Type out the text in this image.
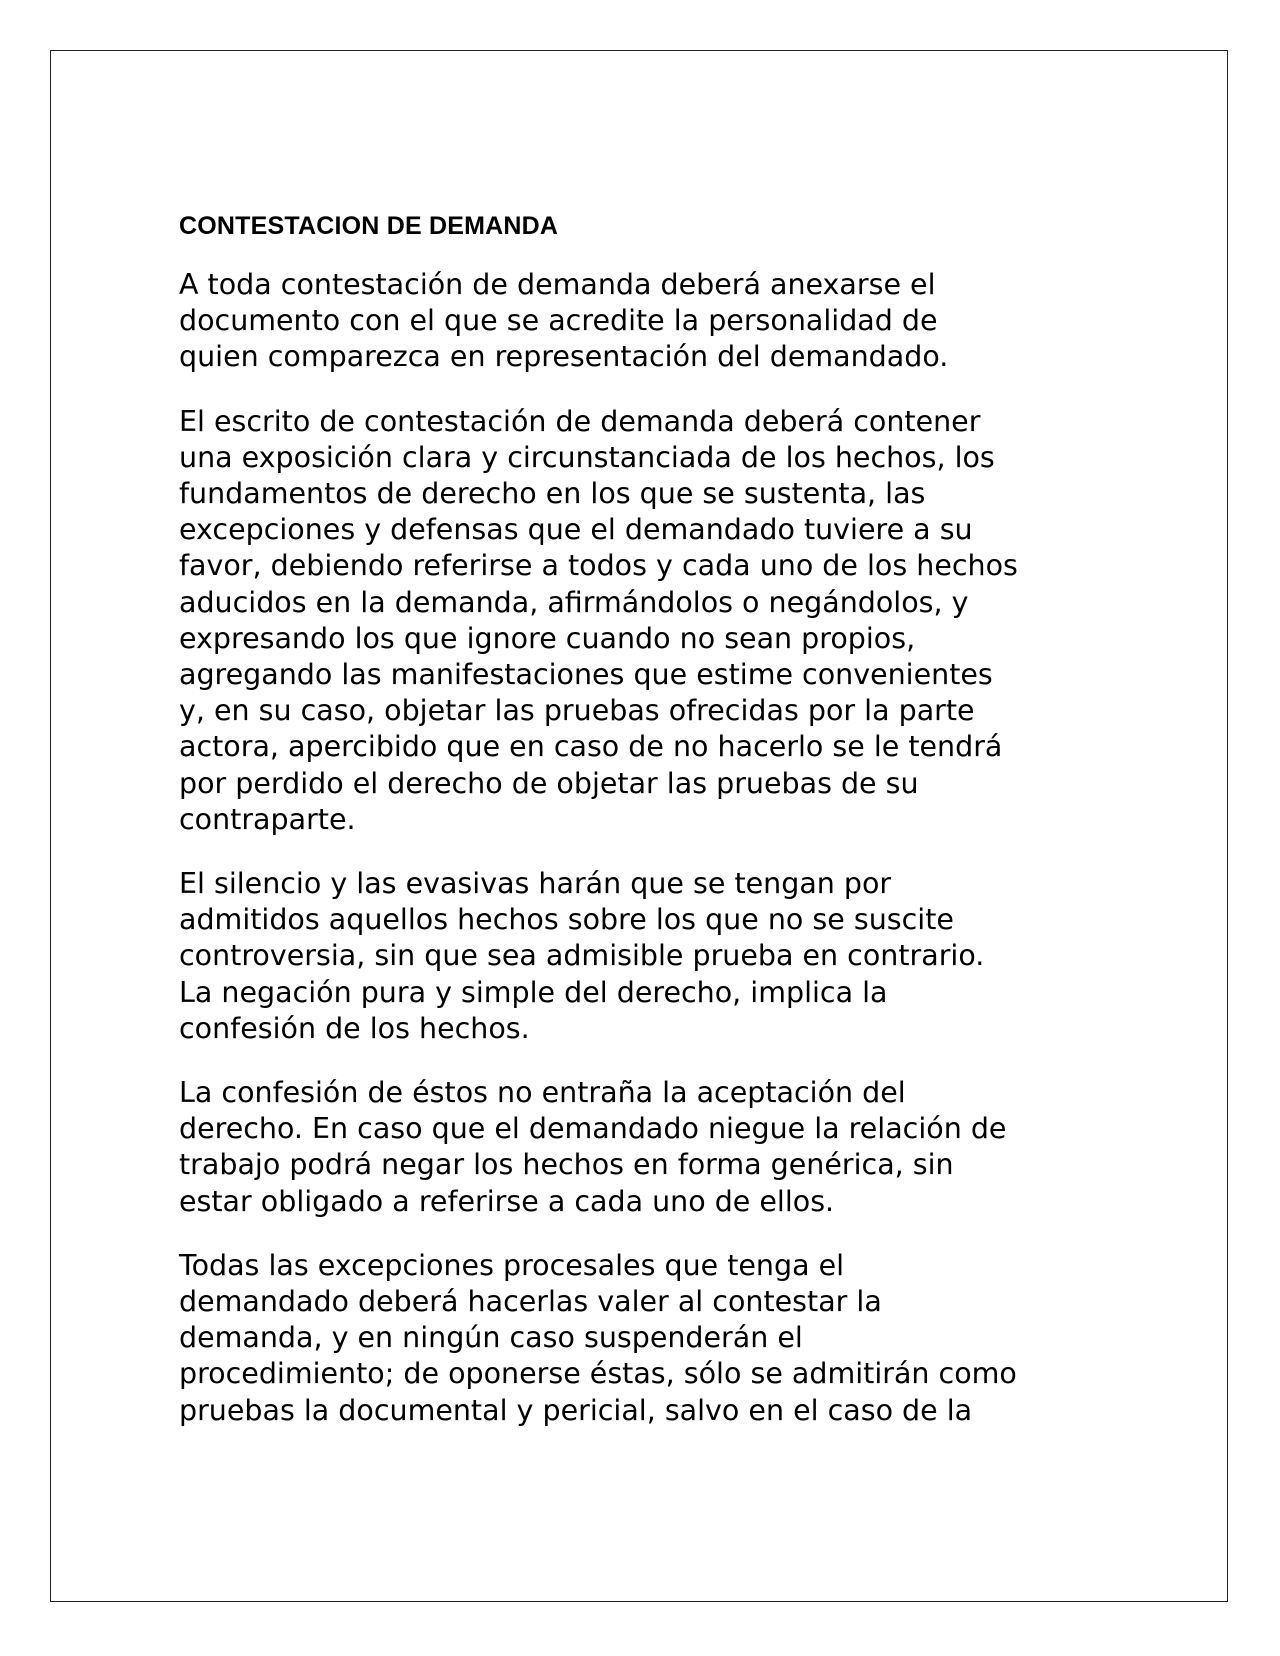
CONTESTACION DE DEMANDA

A toda contestación de demanda deberá anexarse el
documento con el que se acredite la personalidad de
quien comparezca en representación del demandado.

El escrito de contestación de demanda deberá contener
una exposición clara y circunstanciada de los hechos, los
fundamentos de derecho en los que se sustenta, las
excepciones y defensas que el demandado tuviere a su
favor, debiendo referirse a todos y cada uno de los hechos
aducidos en la demanda, afirmándolos o negándolos, y
expresando los que ignore cuando no sean propios,
agregando las manifestaciones que estime convenientes
y, en su caso, objetar las pruebas ofrecidas por la parte
actora, apercibido que en caso de no hacerlo se le tendrá
por perdido el derecho de objetar las pruebas de su
contraparte.

El silencio y las evasivas harán que se tengan por
admitidos aquellos hechos sobre los que no se suscite
controversia, sin que sea admisible prueba en contrario.
La negación pura y simple del derecho, implica la
confesión de los hechos.

La confesión de éstos no entraña la aceptación del
derecho. En caso que el demandado niegue la relación de
trabajo podrá negar los hechos en forma genérica, sin
estar obligado a referirse a cada uno de ellos.

Todas las excepciones procesales que tenga el
demandado deberá hacerlas valer al contestar la
demanda, y en ningún caso suspenderán el
procedimiento; de oponerse éstas, sólo se admitirán como
pruebas la documental y pericial, salvo en el caso de la
